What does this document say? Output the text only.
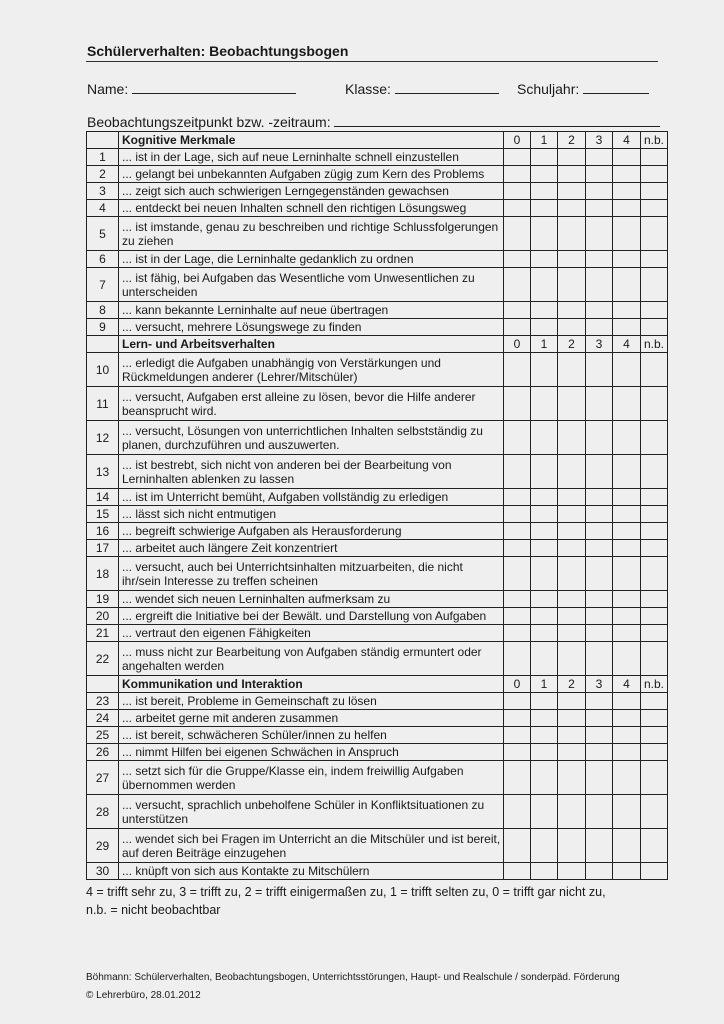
Schülerverhalten: Beobachtungsbogen
Name:	Klasse:	Schuljahr:
Beobachtungszeitpunkt bzw. -zeitraum:
	Kognitive Merkmale	0	1	2	3	4	n.b.
1	... ist in der Lage, sich auf neue Lerninhalte schnell einzustellen						
2	... gelangt bei unbekannten Aufgaben zügig zum Kern des Problems						
3	... zeigt sich auch schwierigen Lerngegenständen gewachsen						
4	... entdeckt bei neuen Inhalten schnell den richtigen Lösungsweg						
5	... ist imstande, genau zu beschreiben und richtige Schlussfolgerungen zu ziehen						
6	... ist in der Lage, die Lerninhalte gedanklich zu ordnen						
7	... ist fähig, bei Aufgaben das Wesentliche vom Unwesentlichen zu unterscheiden						
8	... kann bekannte Lerninhalte auf neue übertragen						
9	... versucht, mehrere Lösungswege zu finden						
	Lern- und Arbeitsverhalten	0	1	2	3	4	n.b.
10	... erledigt die Aufgaben unabhängig von Verstärkungen und Rückmeldungen anderer (Lehrer/Mitschüler)						
11	... versucht, Aufgaben erst alleine zu lösen, bevor die Hilfe anderer beansprucht wird.						
12	... versucht, Lösungen von unterrichtlichen Inhalten selbstständig zu planen, durchzuführen und auszuwerten.						
13	... ist bestrebt, sich nicht von anderen bei der Bearbeitung von Lerninhalten ablenken zu lassen						
14	... ist im Unterricht bemüht, Aufgaben vollständig zu erledigen						
15	... lässt sich nicht entmutigen						
16	... begreift schwierige Aufgaben als Herausforderung						
17	... arbeitet auch längere Zeit konzentriert						
18	... versucht, auch bei Unterrichtsinhalten mitzuarbeiten, die nicht ihr/sein Interesse zu treffen scheinen						
19	... wendet sich neuen Lerninhalten aufmerksam zu						
20	... ergreift die Initiative bei der Bewält. und Darstellung von Aufgaben						
21	... vertraut den eigenen Fähigkeiten						
22	... muss nicht zur Bearbeitung von Aufgaben ständig ermuntert oder angehalten werden						
	Kommunikation und Interaktion	0	1	2	3	4	n.b.
23	... ist bereit, Probleme in Gemeinschaft zu lösen						
24	... arbeitet gerne mit anderen zusammen						
25	... ist bereit, schwächeren Schüler/innen zu helfen						
26	... nimmt Hilfen bei eigenen Schwächen in Anspruch						
27	... setzt sich für die Gruppe/Klasse ein, indem freiwillig Aufgaben übernommen werden						
28	... versucht, sprachlich unbeholfene Schüler in Konfliktsituationen zu unterstützen						
29	... wendet sich bei Fragen im Unterricht an die Mitschüler und ist bereit, auf deren Beiträge einzugehen						
30	... knüpft von sich aus Kontakte zu Mitschülern						
4 = trifft sehr zu, 3 = trifft zu, 2 = trifft einigermaßen zu, 1 = trifft selten zu, 0 = trifft gar nicht zu,
n.b. = nicht beobachtbar
Böhmann: Schülerverhalten, Beobachtungsbogen, Unterrichtsstörungen, Haupt- und Realschule / sonderpäd. Förderung
© Lehrerbüro, 28.01.2012
